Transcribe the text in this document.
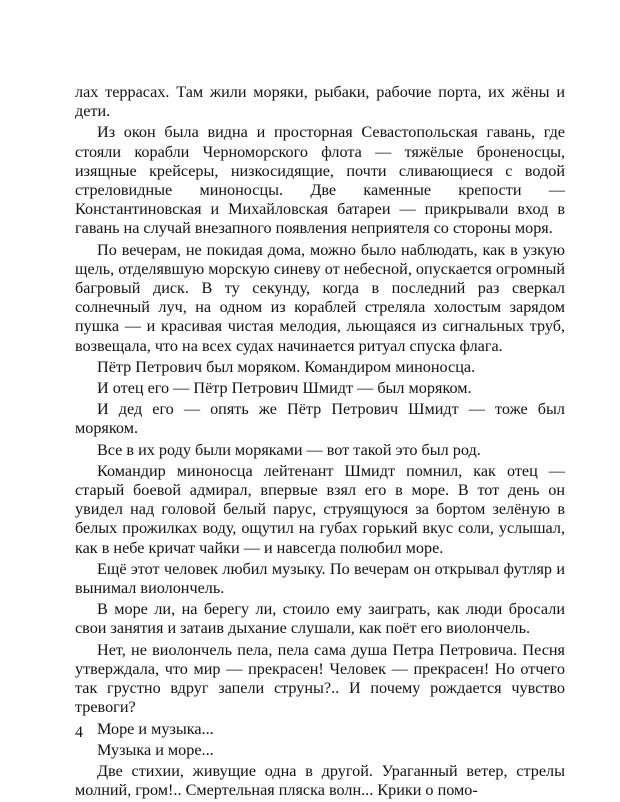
лах террасах. Там жили моряки, рыбаки, рабочие порта, их жёны и дети.

Из окон была видна и просторная Севастопольская гавань, где стояли корабли Черноморского флота — тяжёлые броненосцы, изящные крейсеры, низкосидящие, почти сливающиеся с водой стреловидные миноносцы. Две каменные крепости — Константиновская и Михайловская батареи — прикрывали вход в гавань на случай внезапного появления неприятеля со стороны моря.

По вечерам, не покидая дома, можно было наблюдать, как в узкую щель, отделявшую морскую синеву от небесной, опускается огромный багровый диск. В ту секунду, когда в последний раз сверкал солнечный луч, на одном из кораблей стреляла холостым зарядом пушка — и красивая чистая мелодия, льющаяся из сигнальных труб, возвещала, что на всех судах начинается ритуал спуска флага.

Пётр Петрович был моряком. Командиром миноносца.

И отец его — Пётр Петрович Шмидт — был моряком.

И дед его — опять же Пётр Петрович Шмидт — тоже был моряком.

Все в их роду были моряками — вот такой это был род.

Командир миноносца лейтенант Шмидт помнил, как отец — старый боевой адмирал, впервые взял его в море. В тот день он увидел над головой белый парус, струящуюся за бортом зелёную в белых прожилках воду, ощутил на губах горький вкус соли, услышал, как в небе кричат чайки — и навсегда полюбил море.

Ещё этот человек любил музыку. По вечерам он открывал футляр и вынимал виолончель.

В море ли, на берегу ли, стоило ему заиграть, как люди бросали свои занятия и затаив дыхание слушали, как поёт его виолончель.

Нет, не виолончель пела, пела сама душа Петра Петровича. Песня утверждала, что мир — прекрасен! Человек — прекрасен! Но отчего так грустно вдруг запели струны?.. И почему рождается чувство тревоги?

Море и музыка...

Музыка и море...

Две стихии, живущие одна в другой. Ураганный ветер, стрелы молний, гром!.. Смертельная пляска волн... Крики о помо-

4
